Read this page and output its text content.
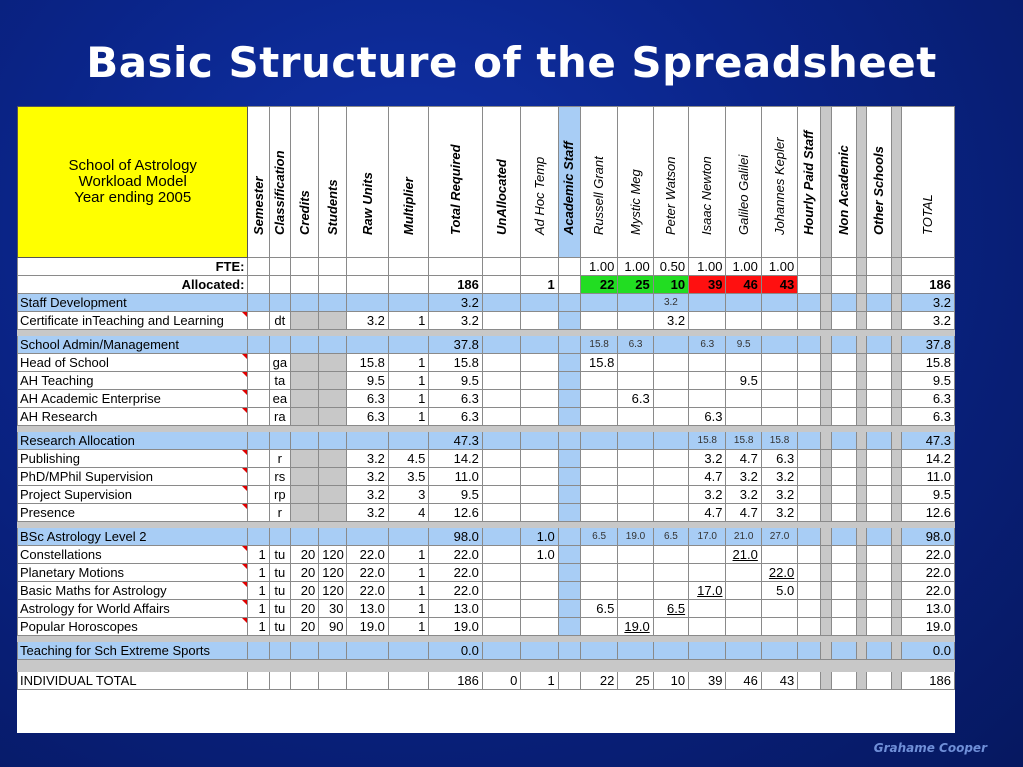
Basic Structure of the Spreadsheet
School of Astrology
Workload Model
Year ending 2005	Semester	Classification	Credits	Students	Raw Units	Multiplier	Total Required	UnAllocated	Ad Hoc Temp	Academic Staff	Russell Grant	Mystic Meg	Peter Watson	Isaac Newton	Galileo Galilei	Johannes Kepler	Hourly Paid Staff		Non Academic		Other Schools		TOTAL

FTE:											1.00	1.00	0.50	1.00	1.00	1.00							
Allocated:							186		1		22	25	10	39	46	43							186
Staff Development							3.2						3.2										3.2
Certificate inTeaching and Learning		dt			3.2	1	3.2						3.2										3.2

School Admin/Management							37.8				15.8	6.3		6.3	9.5								37.8
Head of School		ga			15.8	1	15.8				15.8												15.8
AH Teaching		ta			9.5	1	9.5								9.5								9.5
AH Academic Enterprise		ea			6.3	1	6.3					6.3											6.3
AH Research		ra			6.3	1	6.3							6.3									6.3

Research Allocation							47.3							15.8	15.8	15.8							47.3
Publishing		r			3.2	4.5	14.2							3.2	4.7	6.3							14.2
PhD/MPhil Supervision		rs			3.2	3.5	11.0							4.7	3.2	3.2							11.0
Project Supervision		rp			3.2	3	9.5							3.2	3.2	3.2							9.5
Presence		r			3.2	4	12.6							4.7	4.7	3.2							12.6

BSc Astrology Level 2							98.0		1.0		6.5	19.0	6.5	17.0	21.0	27.0							98.0
Constellations	1	tu	20	120	22.0	1	22.0		1.0						21.0								22.0
Planetary Motions	1	tu	20	120	22.0	1	22.0									22.0							22.0
Basic Maths for Astrology	1	tu	20	120	22.0	1	22.0							17.0		5.0							22.0
Astrology for World Affairs	1	tu	20	30	13.0	1	13.0				6.5		6.5										13.0
Popular Horoscopes	1	tu	20	90	19.0	1	19.0					19.0											19.0

Teaching for Sch Extreme Sports							0.0																0.0

INDIVIDUAL TOTAL							186	0	1		22	25	10	39	46	43							186
Grahame Cooper
